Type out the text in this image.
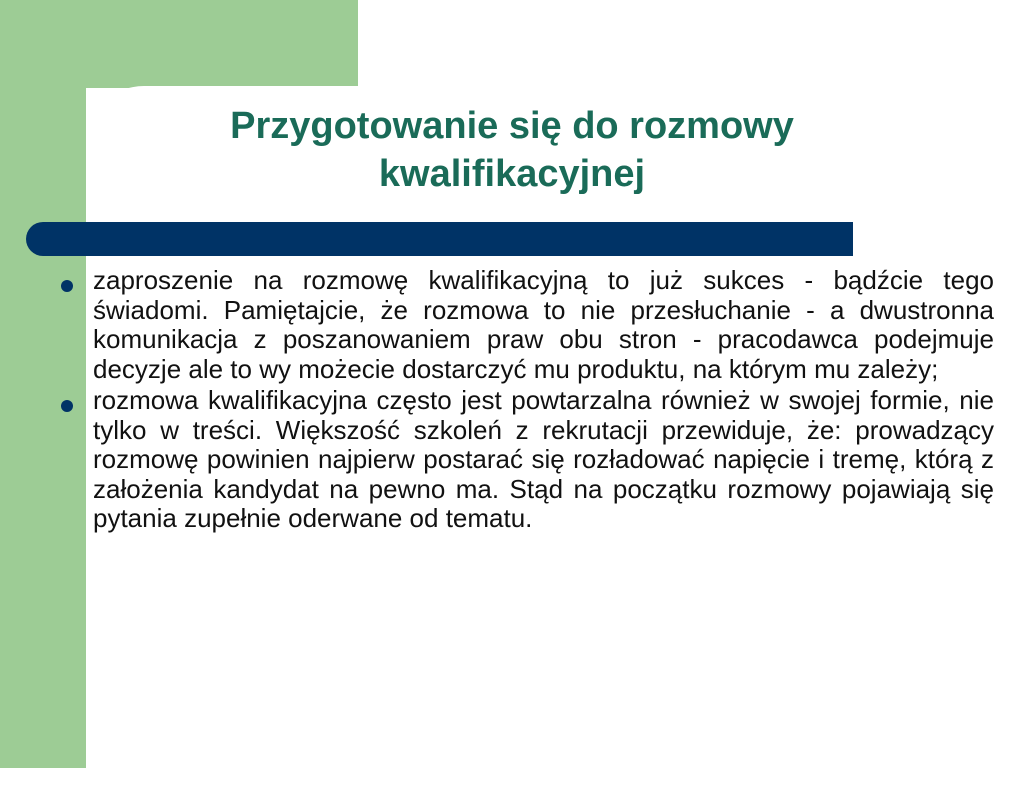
Przygotowanie się do rozmowy
kwalifikacyjnej

zaproszenie na rozmowę kwalifikacyjną to już sukces - bądźcie tego świadomi. Pamiętajcie, że rozmowa to nie przesłuchanie - a dwustronna komunikacja z poszanowaniem praw obu stron - pracodawca podejmuje decyzje ale to wy możecie dostarczyć mu produktu, na którym mu zależy;

rozmowa kwalifikacyjna często jest powtarzalna również w swojej formie, nie tylko w treści. Większość szkoleń z rekrutacji przewiduje, że: prowadzący rozmowę powinien najpierw postarać się rozładować napięcie i tremę, którą z założenia kandydat na pewno ma. Stąd na początku rozmowy pojawiają się pytania zupełnie oderwane od tematu.
